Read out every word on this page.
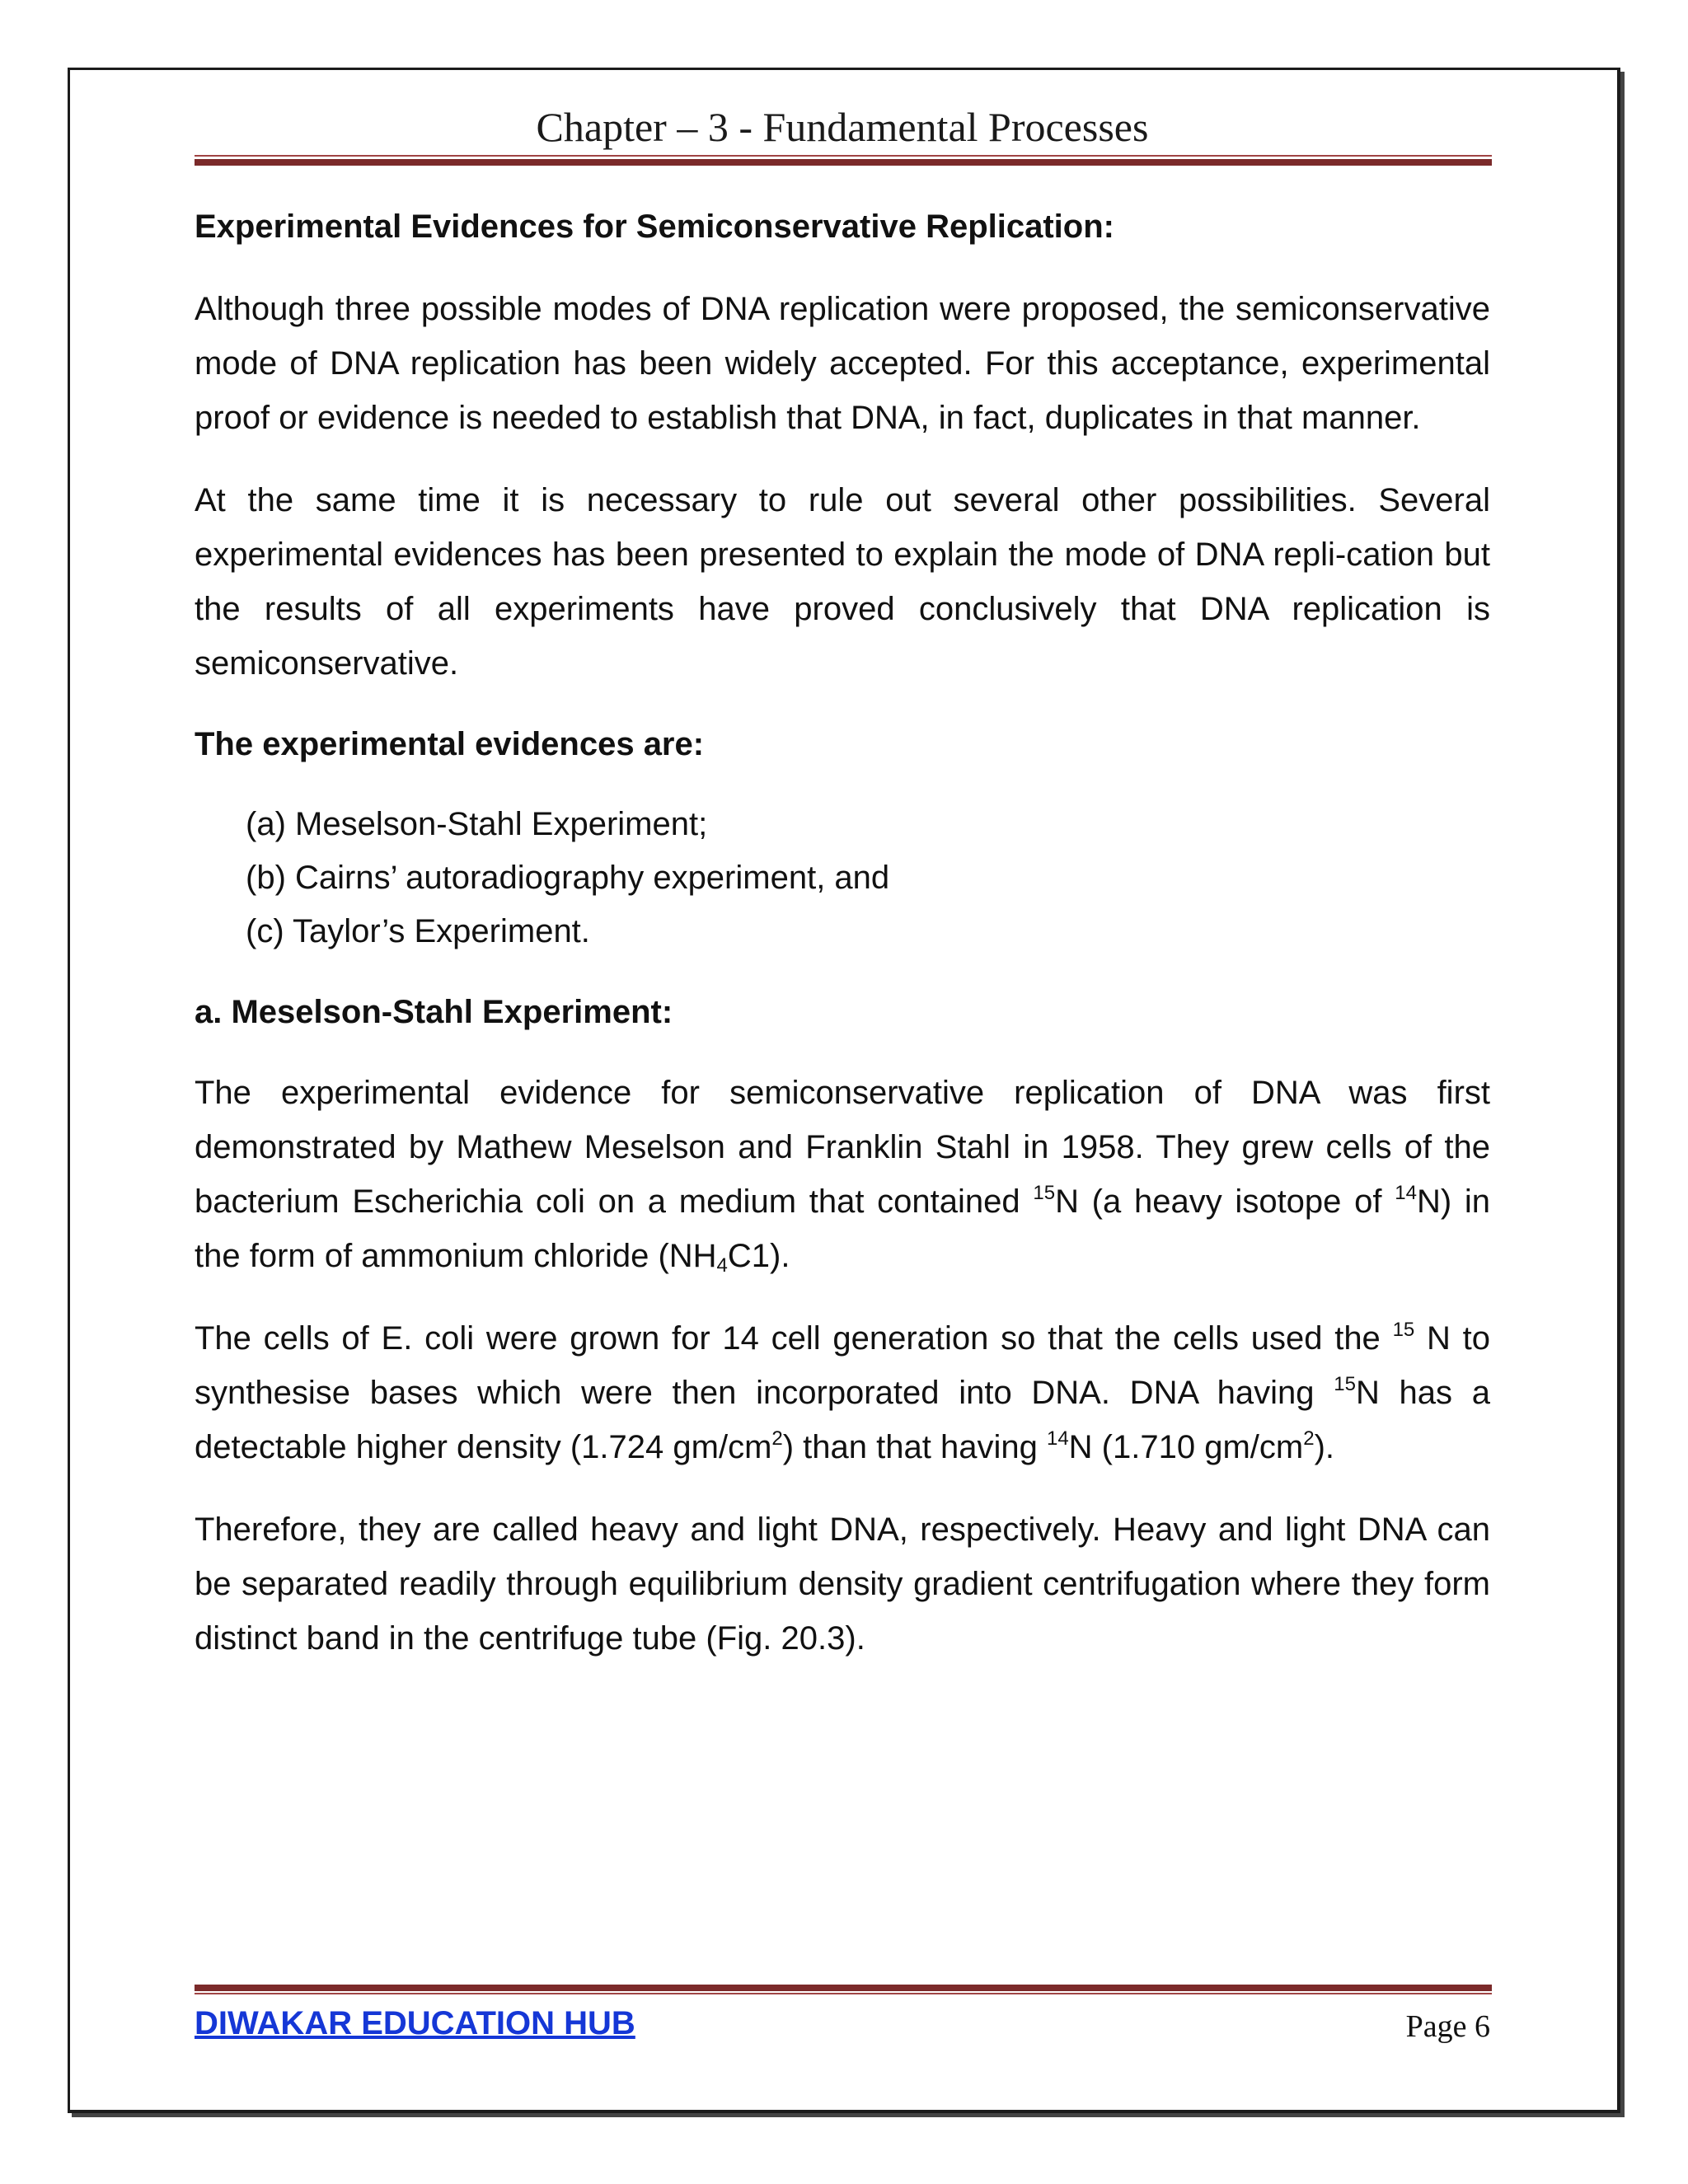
Chapter – 3 - Fundamental Processes
Experimental Evidences for Semiconservative Replication:

Although three possible modes of DNA replication were proposed, the semiconservative mode of DNA replication has been widely accepted. For this acceptance, experimental proof or evidence is needed to establish that DNA, in fact, duplicates in that manner.

At the same time it is necessary to rule out several other possibilities. Several experimental evidences has been presented to explain the mode of DNA repli-cation but the results of all experiments have proved conclusively that DNA replication is semiconservative.

The experimental evidences are:
(a) Meselson-Stahl Experiment;
(b) Cairns’ autoradiography experiment, and
(c) Taylor’s Experiment.
a. Meselson-Stahl Experiment:

The experimental evidence for semiconservative replication of DNA was first demonstrated by Mathew Meselson and Franklin Stahl in 1958. They grew cells of the bacterium Escherichia coli on a medium that contained $^{15}$N (a heavy isotope of $^{14}$N) in the form of ammonium chloride $(NH_4C1)$.

The cells of E. coli were grown for 14 cell generation so that the cells used the $^{15}$ N to synthesise bases which were then incorporated into DNA. DNA having $^{15}$N has a detectable higher density (1.724 $gm/cm^2$) than that having $^{14}$N (1.710 $gm/cm^2$).

Therefore, they are called heavy and light DNA, respectively. Heavy and light DNA can be separated readily through equilibrium density gradient centrifugation where they form distinct band in the centrifuge tube (Fig. 20.3).

DIWAKAR EDUCATION HUB	Page 6
